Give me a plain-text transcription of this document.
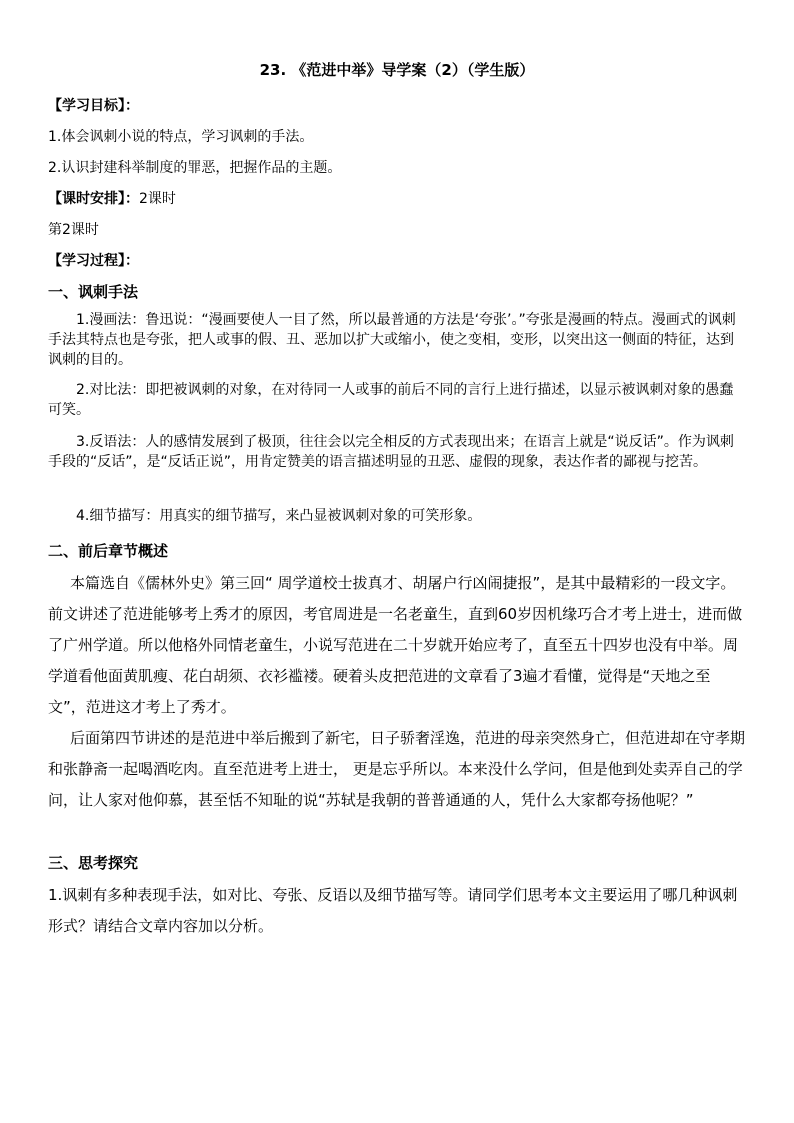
23. 《范进中举》导学案（2）（学生版）
【学习目标】：
1.体会讽刺小说的特点，学习讽刺的手法。
2.认识封建科举制度的罪恶，把握作品的主题。
【课时安排】：2课时
第2课时
【学习过程】：
一、讽刺手法
1.漫画法：鲁迅说：“漫画要使人一目了然，所以最普通的方法是‘夸张’。”夸张是漫画的特点。漫画式的讽刺手法其特点也是夸张，把人或事的假、丑、恶加以扩大或缩小，使之变相，变形，以突出这一侧面的特征，达到讽刺的目的。
2.对比法：即把被讽刺的对象，在对待同一人或事的前后不同的言行上进行描述，以显示被讽刺对象的愚蠢可笑。
3.反语法：人的感情发展到了极顶，往往会以完全相反的方式表现出来；在语言上就是“说反话”。作为讽刺手段的“反话”，是“反话正说”，用肯定赞美的语言描述明显的丑恶、虚假的现象，表达作者的鄙视与挖苦。
4.细节描写：用真实的细节描写，来凸显被讽刺对象的可笑形象。
二、前后章节概述
本篇选自《儒林外史》第三回“ 周学道校士拔真才、胡屠户行凶闹捷报”，是其中最精彩的一段文字。前文讲述了范进能够考上秀才的原因，考官周进是一名老童生，直到60岁因机缘巧合才考上进士，进而做了广州学道。所以他格外同情老童生，小说写范进在二十岁就开始应考了，直至五十四岁也没有中举。周学道看他面黄肌瘦、花白胡须、衣衫褴褛。硬着头皮把范进的文章看了3遍才看懂，觉得是“天地之至文”，范进这才考上了秀才。
后面第四节讲述的是范进中举后搬到了新宅，日子骄奢淫逸，范进的母亲突然身亡，但范进却在守孝期和张静斋一起喝酒吃肉。直至范进考上进士， 更是忘乎所以。本来没什么学问，但是他到处卖弄自己的学问，让人家对他仰慕，甚至恬不知耻的说“苏轼是我朝的普普通通的人，凭什么大家都夸扬他呢？”
三、思考探究
1.讽刺有多种表现手法，如对比、夸张、反语以及细节描写等。请同学们思考本文主要运用了哪几种讽刺形式？请结合文章内容加以分析。
